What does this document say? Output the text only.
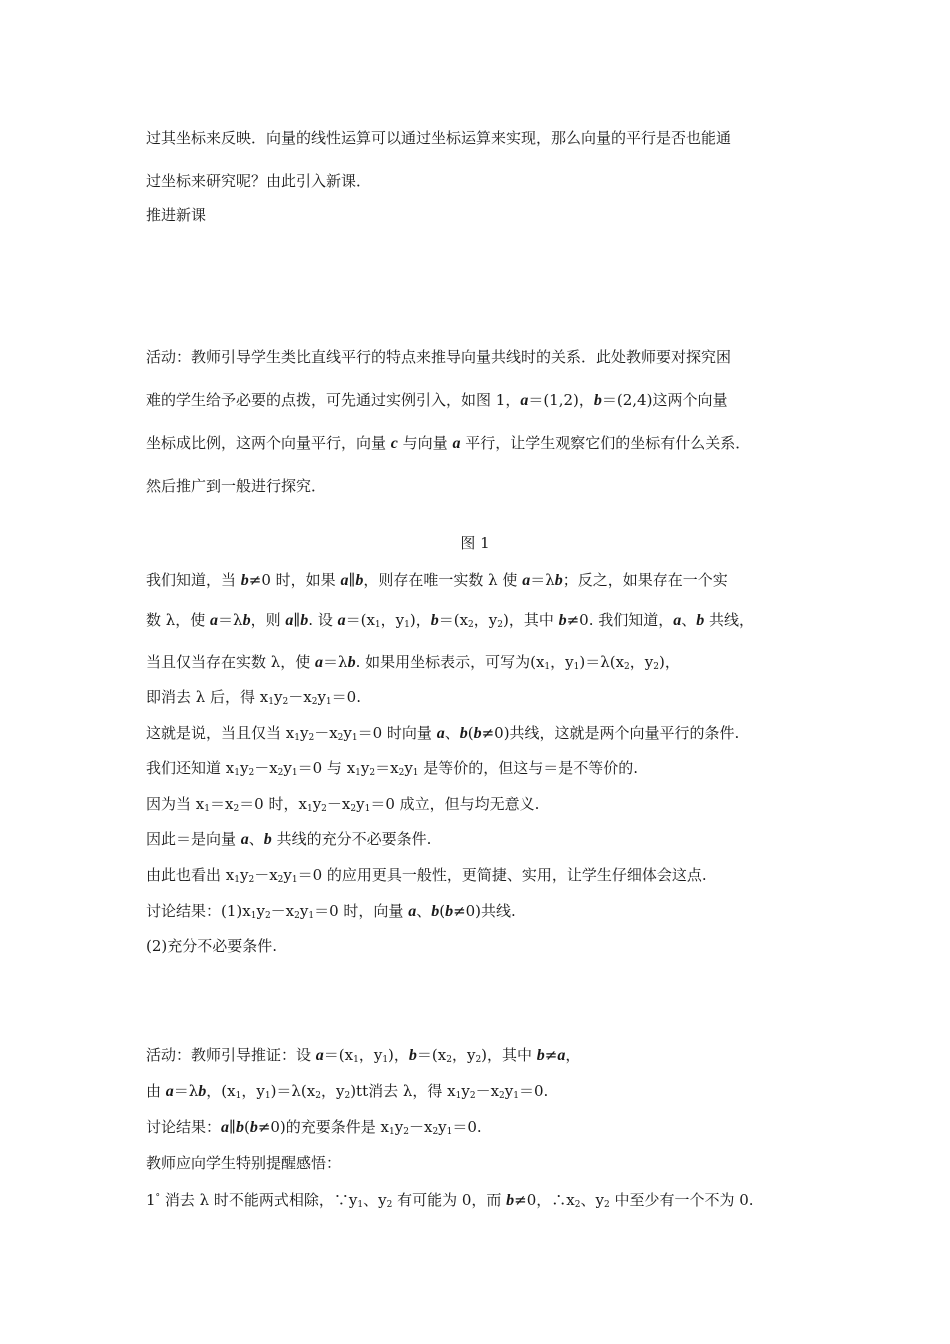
过其坐标来反映．向量的线性运算可以通过坐标运算来实现，那么向量的平行是否也能通
过坐标来研究呢？由此引入新课．
推进新课
活动：教师引导学生类比直线平行的特点来推导向量共线时的关系．此处教师要对探究困
难的学生给予必要的点拨，可先通过实例引入，如图 1，a＝(1,2)，b＝(2,4)这两个向量
坐标成比例，这两个向量平行，向量 c 与向量 a 平行，让学生观察它们的坐标有什么关系．
然后推广到一般进行探究．
图 1
我们知道，当 b≠0 时，如果 a∥b，则存在唯一实数 λ 使 a＝λb；反之，如果存在一个实
数 λ，使 a＝λb，则 a∥b. 设 $a=(x_1$，$y_1$)，$b=(x_2$，$y_2$)，其中 b≠0. 我们知道，a、b 共线，
当且仅当存在实数 λ，使 a＝λb. 如果用坐标表示，可写为($x_1$，$y_1)=\lambda(x_2$，$y_2$)，
即消去 λ 后，得 $x_1y_2-x_2y_1=0$.
这就是说，当且仅当 $x_1y_2-x_2y_1=0$ 时向量 a、b(b≠0)共线，这就是两个向量平行的条件.
我们还知道 $x_1y_2-x_2y_1=0$ 与 $x_1y_2=x_2y_1$ 是等价的，但这与＝是不等价的.
因为当 $x_1=x_2=0$ 时，$x_1y_2-x_2y_1=0$ 成立，但与均无意义.
因此＝是向量 a、b 共线的充分不必要条件.
由此也看出 $x_1y_2-x_2y_1=0$ 的应用更具一般性，更简捷、实用，让学生仔细体会这点.
讨论结果：$(1)x_1y_2-x_2y_1=0$ 时，向量 a、b(b≠0)共线.
(2)充分不必要条件.
活动：教师引导推证：设 $a=(x_1$，$y_1$)，$b=(x_2$，$y_2$)，其中 b≠a，
由 a＝λb，($x_1$，$y_1)=\lambda(x_2$，$y_2)tt$消去 λ，得 $x_1y_2-x_2y_1=0$.
讨论结果：a∥b(b≠0)的充要条件是 $x_1y_2-x_2y_1=0$.
教师应向学生特别提醒感悟：
1° 消去 λ 时不能两式相除，$\because y_1$、$y_2$ 有可能为 0，而 b≠0，$\therefore x_2$、$y_2$ 中至少有一个不为 0.
